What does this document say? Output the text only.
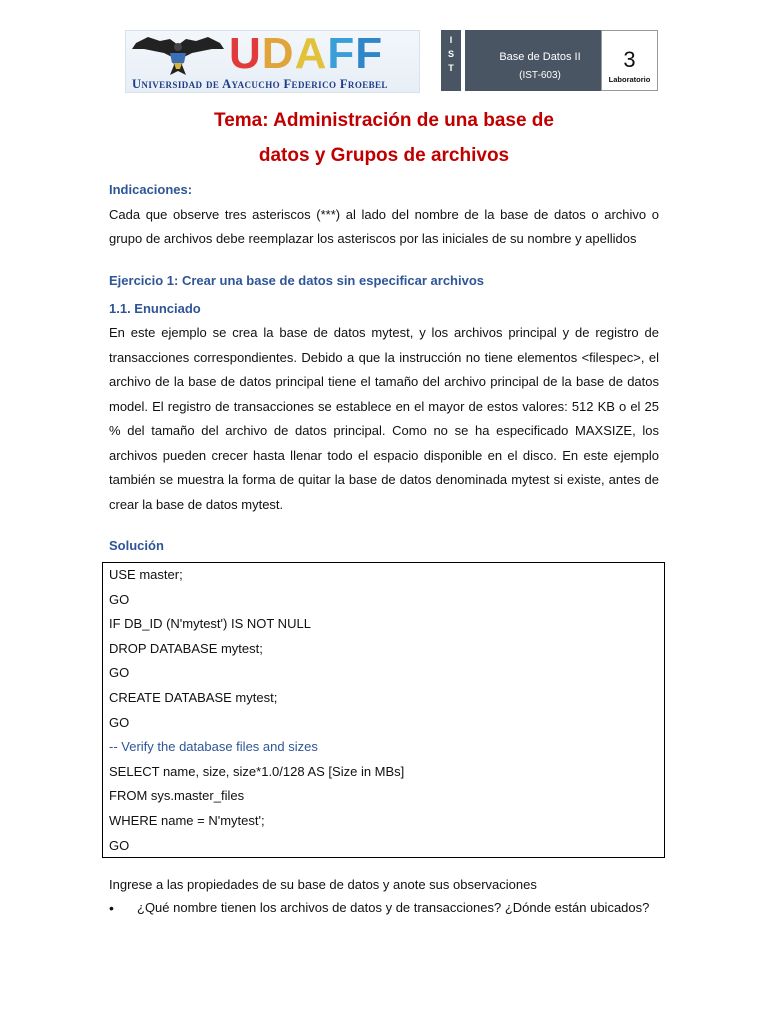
UDAFF
Universidad de Ayacucho Federico Froebel
I
S
T
Base de Datos II
(IST-603)
3
Laboratorio
Tema: Administración de una base de
datos y Grupos de archivos
Indicaciones:
Cada que observe tres asteriscos (***) al lado del nombre de la base de datos o archivo o grupo de archivos debe reemplazar los asteriscos por las iniciales de su nombre y apellidos
Ejercicio 1: Crear una base de datos sin especificar archivos
1.1. Enunciado
En este ejemplo se crea la base de datos mytest, y los archivos principal y de registro de transacciones correspondientes. Debido a que la instrucción no tiene elementos <filespec>, el archivo de la base de datos principal tiene el tamaño del archivo principal de la base de datos model. El registro de transacciones se establece en el mayor de estos valores: 512 KB o el 25 % del tamaño del archivo de datos principal. Como no se ha especificado MAXSIZE, los archivos pueden crecer hasta llenar todo el espacio disponible en el disco. En este ejemplo también se muestra la forma de quitar la base de datos denominada mytest si existe, antes de crear la base de datos mytest.
Solución
USE master;
GO
IF DB_ID (N'mytest') IS NOT NULL
DROP DATABASE mytest;
GO
CREATE DATABASE mytest;
GO
-- Verify the database files and sizes
SELECT name, size, size*1.0/128 AS [Size in MBs]
FROM sys.master_files
WHERE name = N'mytest';
GO
Ingrese a las propiedades de su base de datos y anote sus observaciones
•	¿Qué nombre tienen los archivos de datos y de transacciones? ¿Dónde están ubicados?
